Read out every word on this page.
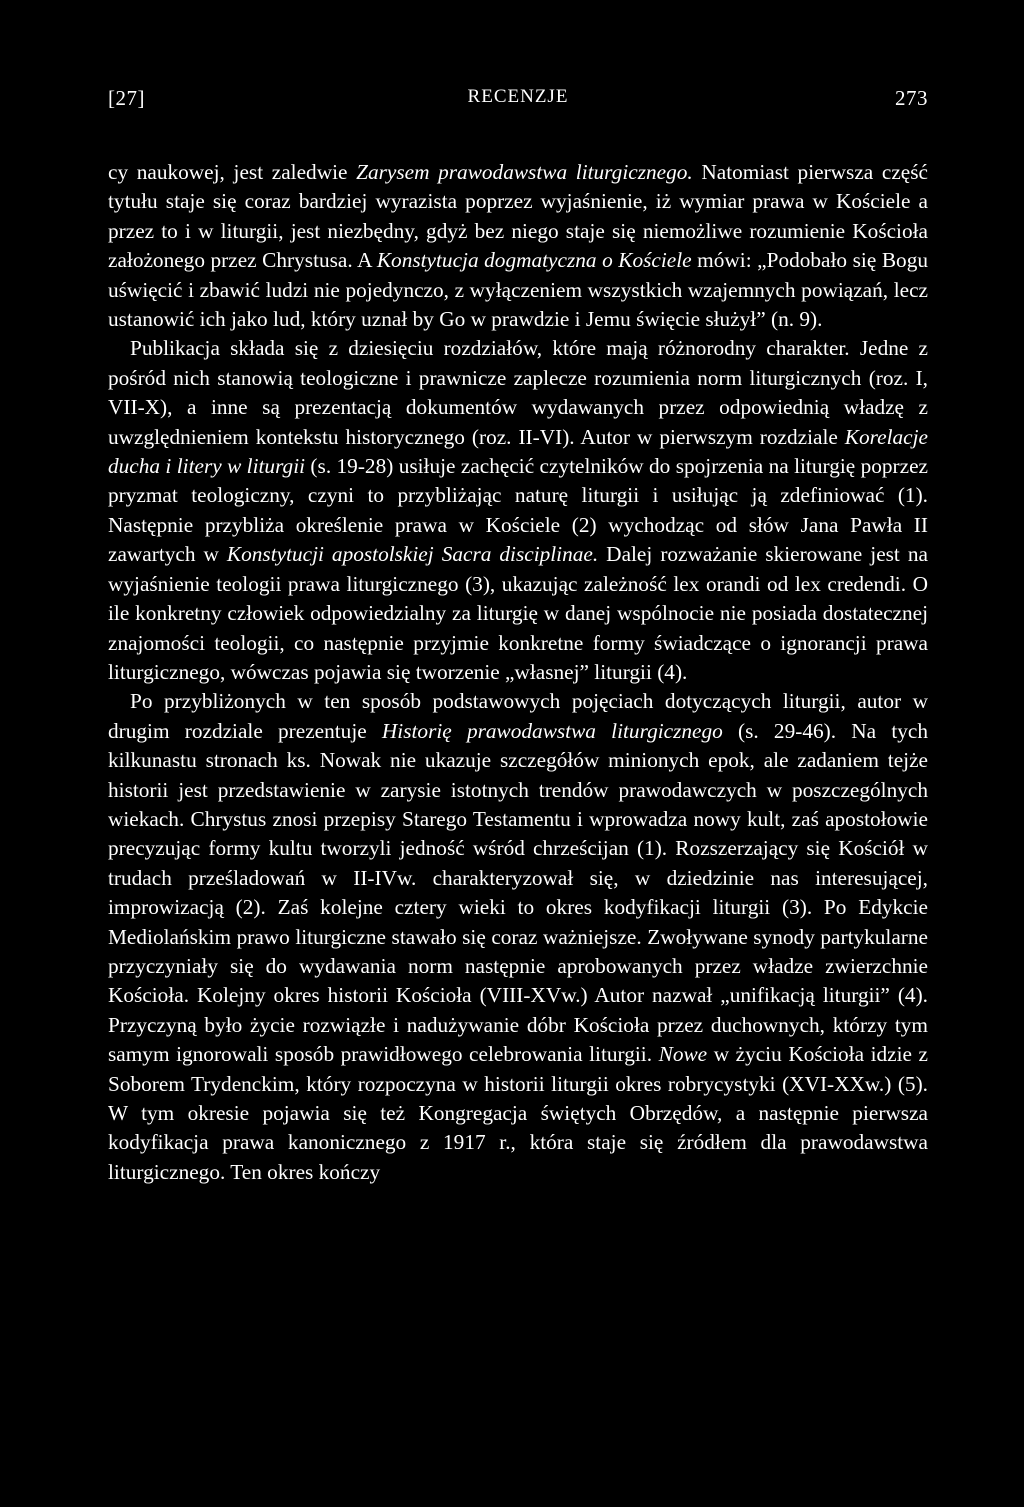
[27]	RECENZJE	273

cy naukowej, jest zaledwie Zarysem prawodawstwa liturgicznego. Natomiast pierwsza część tytułu staje się coraz bardziej wyrazista poprzez wyjaśnienie, iż wymiar prawa w Kościele a przez to i w liturgii, jest niezbędny, gdyż bez niego staje się niemożliwe rozumienie Kościoła założonego przez Chrystusa. A Konstytucja dogmatyczna o Kościele mówi: „Podobało się Bogu uświęcić i zbawić ludzi nie pojedynczo, z wyłączeniem wszystkich wzajemnych powiązań, lecz ustanowić ich jako lud, który uznał by Go w prawdzie i Jemu święcie służył” (n. 9).

Publikacja składa się z dziesięciu rozdziałów, które mają różnorodny charakter. Jedne z pośród nich stanowią teologiczne i prawnicze zaplecze rozumienia norm liturgicznych (roz. I, VII-X), a inne są prezentacją dokumentów wydawanych przez odpowiednią władzę z uwzględnieniem kontekstu historycznego (roz. II-VI). Autor w pierwszym rozdziale Korelacje ducha i litery w liturgii (s. 19-28) usiłuje zachęcić czytelników do spojrzenia na liturgię poprzez pryzmat teologiczny, czyni to przybliżając naturę liturgii i usiłując ją zdefiniować (1). Następnie przybliża określenie prawa w Kościele (2) wychodząc od słów Jana Pawła II zawartych w Konstytucji apostolskiej Sacra disciplinae. Dalej rozważanie skierowane jest na wyjaśnienie teologii prawa liturgicznego (3), ukazując zależność lex orandi od lex credendi. O ile konkretny człowiek odpowiedzialny za liturgię w danej wspólnocie nie posiada dostatecznej znajomości teologii, co następnie przyjmie konkretne formy świadczące o ignorancji prawa liturgicznego, wówczas pojawia się tworzenie „własnej” liturgii (4).

Po przybliżonych w ten sposób podstawowych pojęciach dotyczących liturgii, autor w drugim rozdziale prezentuje Historię prawodawstwa liturgicznego (s. 29-46). Na tych kilkunastu stronach ks. Nowak nie ukazuje szczegółów minionych epok, ale zadaniem tejże historii jest przedstawienie w zarysie istotnych trendów prawodawczych w poszczególnych wiekach. Chrystus znosi przepisy Starego Testamentu i wprowadza nowy kult, zaś apostołowie precyzując formy kultu tworzyli jedność wśród chrześcijan (1). Rozszerzający się Kościół w trudach prześladowań w II-IVw. charakteryzował się, w dziedzinie nas interesującej, improwizacją (2). Zaś kolejne cztery wieki to okres kodyfikacji liturgii (3). Po Edykcie Mediolańskim prawo liturgiczne stawało się coraz ważniejsze. Zwoływane synody partykularne przyczyniały się do wydawania norm następnie aprobowanych przez władze zwierzchnie Kościoła. Kolejny okres historii Kościoła (VIII-XVw.) Autor nazwał „unifikacją liturgii” (4). Przyczyną było życie rozwiązłe i nadużywanie dóbr Kościoła przez duchownych, którzy tym samym ignorowali sposób prawidłowego celebrowania liturgii. Nowe w życiu Kościoła idzie z Soborem Trydenckim, który rozpoczyna w historii liturgii okres robrycystyki (XVI-XXw.) (5). W tym okresie pojawia się też Kongregacja świętych Obrzędów, a następnie pierwsza kodyfikacja prawa kanonicznego z 1917 r., która staje się źródłem dla prawodawstwa liturgicznego. Ten okres kończy
